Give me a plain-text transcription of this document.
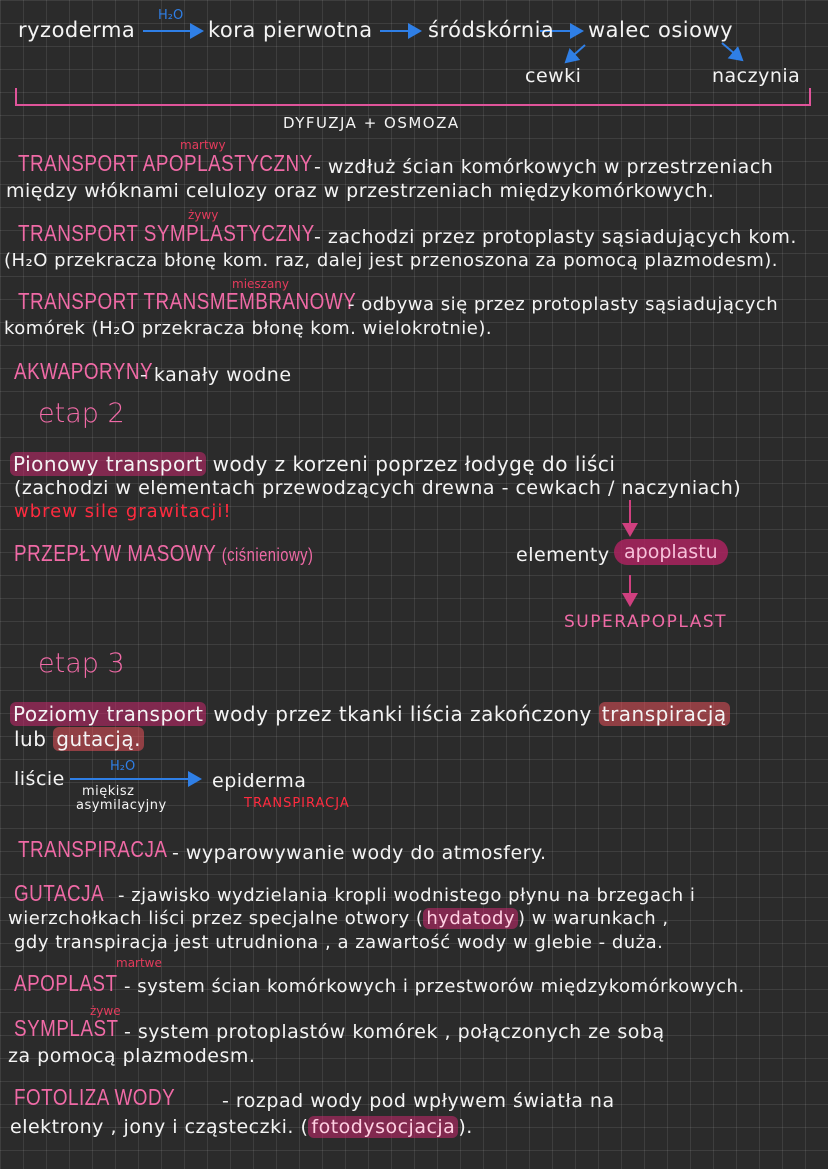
ryzoderma
H₂O
kora pierwotna	śródskórnia walec osiowy
cewki	naczynia
DYFUZJA + OSMOZA
martwy
TRANSPORT APOPLASTYCZNY - wzdłuż ścian komórkowych w przestrzeniach
między włóknami celulozy oraz w przestrzeniach międzykomórkowych.
żywy
TRANSPORT SYMPLASTYCZNY - zachodzi przez protoplasty sąsiadujących kom.
(H₂O przekracza błonę kom. raz, dalej jest przenoszona za pomocą plazmodesm).
mieszany
TRANSPORT TRANSMEMBRANOWY
- odbywa się przez protoplasty sąsiadujących
komórek (H₂O przekracza błonę kom. wielokrotnie).
AKWAPORYNY
- kanały wodne
etap 2
Pionowy transport wody z korzeni poprzez łodygę do liści
(zachodzi w elementach przewodzących drewna - cewkach / naczyniach)
wbrew sile grawitacji!
PRZEPŁYW MASOWY (ciśnieniowy)	elementy apoplastu
SUPERAPOPLAST
etap 3
Poziomy transport wody przez tkanki liścia zakończony transpiracją
lub gutacją.
liście
H₂O
epiderma
miękisz
asymilacyjny	TRANSPIRACJA
TRANSPIRACJA - wyparowywanie wody do atmosfery.
GUTACJA - zjawisko wydzielania kropli wodnistego płynu na brzegach i
wierzchołkach liści przez specjalne otwory ( hydatody ) w warunkach ,
gdy transpiracja jest utrudniona , a zawartość wody w glebie - duża.
martwe
APOPLAST - system ścian komórkowych i przestworów międzykomórkowych.
żywe
SYMPLAST - system protoplastów komórek , połączonych ze sobą
za pomocą plazmodesm.
FOTOLIZA WODY - rozpad wody pod wpływem światła na
elektrony , jony i cząsteczki. ( fotodysocjacja ).
